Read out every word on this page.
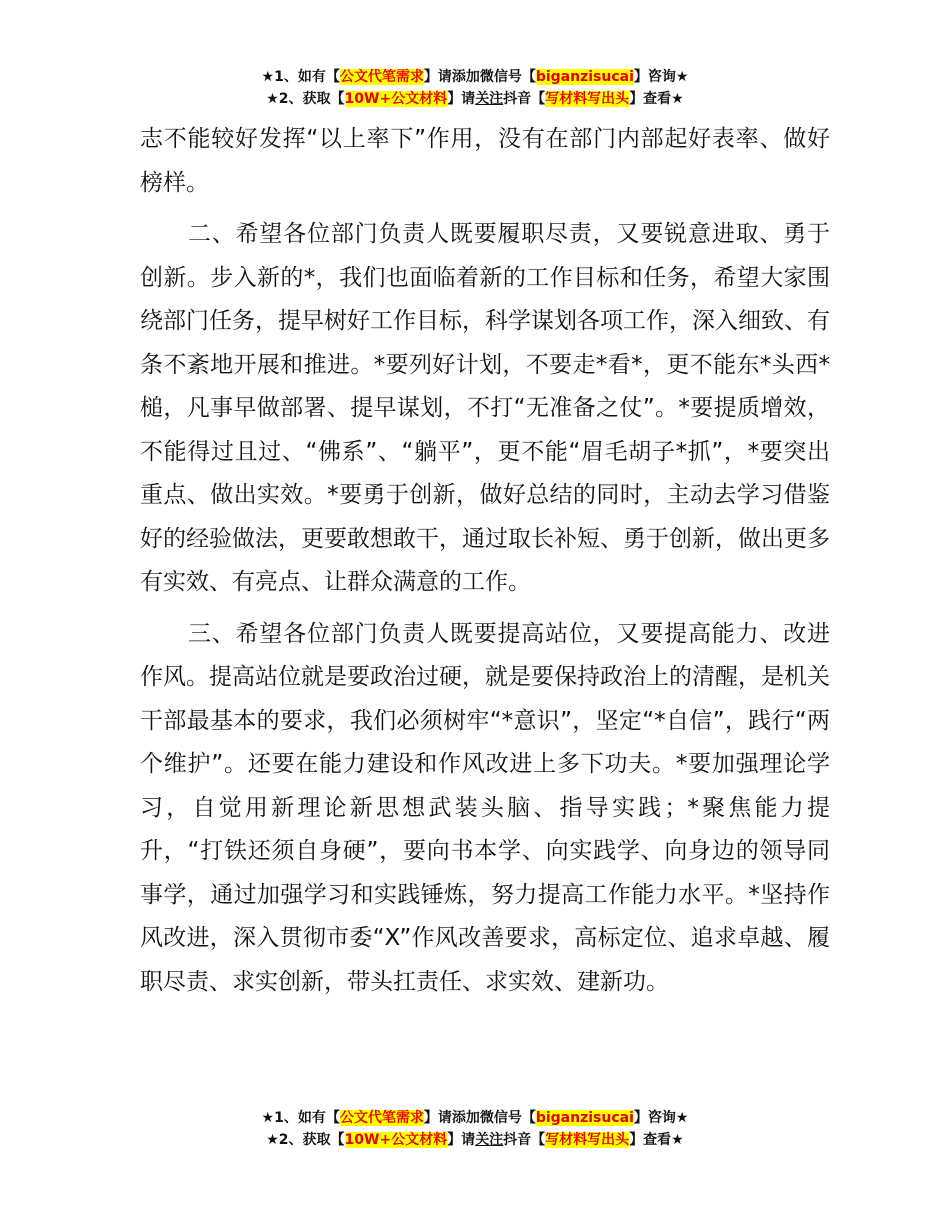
★1、如有【公文代笔需求】请添加微信号【biganzisucai】咨询★
★2、获取【10W+公文材料】请关注抖音【写材料写出头】查看★

志不能较好发挥“以上率下”作用，没有在部门内部起好表率、做好榜样。

二、希望各位部门负责人既要履职尽责，又要锐意进取、勇于创新。步入新的*，我们也面临着新的工作目标和任务，希望大家围绕部门任务，提早树好工作目标，科学谋划各项工作，深入细致、有条不紊地开展和推进。*要列好计划，不要走*看*，更不能东*头西*槌，凡事早做部署、提早谋划，不打“无准备之仗”。*要提质增效，不能得过且过、“佛系”、“躺平”，更不能“眉毛胡子*抓”，*要突出重点、做出实效。*要勇于创新，做好总结的同时，主动去学习借鉴好的经验做法，更要敢想敢干，通过取长补短、勇于创新，做出更多有实效、有亮点、让群众满意的工作。

三、希望各位部门负责人既要提高站位，又要提高能力、改进作风。提高站位就是要政治过硬，就是要保持政治上的清醒，是机关干部最基本的要求，我们必须树牢“*意识”，坚定“*自信”，践行“两个维护”。还要在能力建设和作风改进上多下功夫。*要加强理论学习，自觉用新理论新思想武装头脑、指导实践；*聚焦能力提升，“打铁还须自身硬”，要向书本学、向实践学、向身边的领导同事学，通过加强学习和实践锤炼，努力提高工作能力水平。*坚持作风改进，深入贯彻市委“X”作风改善要求，高标定位、追求卓越、履职尽责、求实创新，带头扛责任、求实效、建新功。

★1、如有【公文代笔需求】请添加微信号【biganzisucai】咨询★
★2、获取【10W+公文材料】请关注抖音【写材料写出头】查看★
